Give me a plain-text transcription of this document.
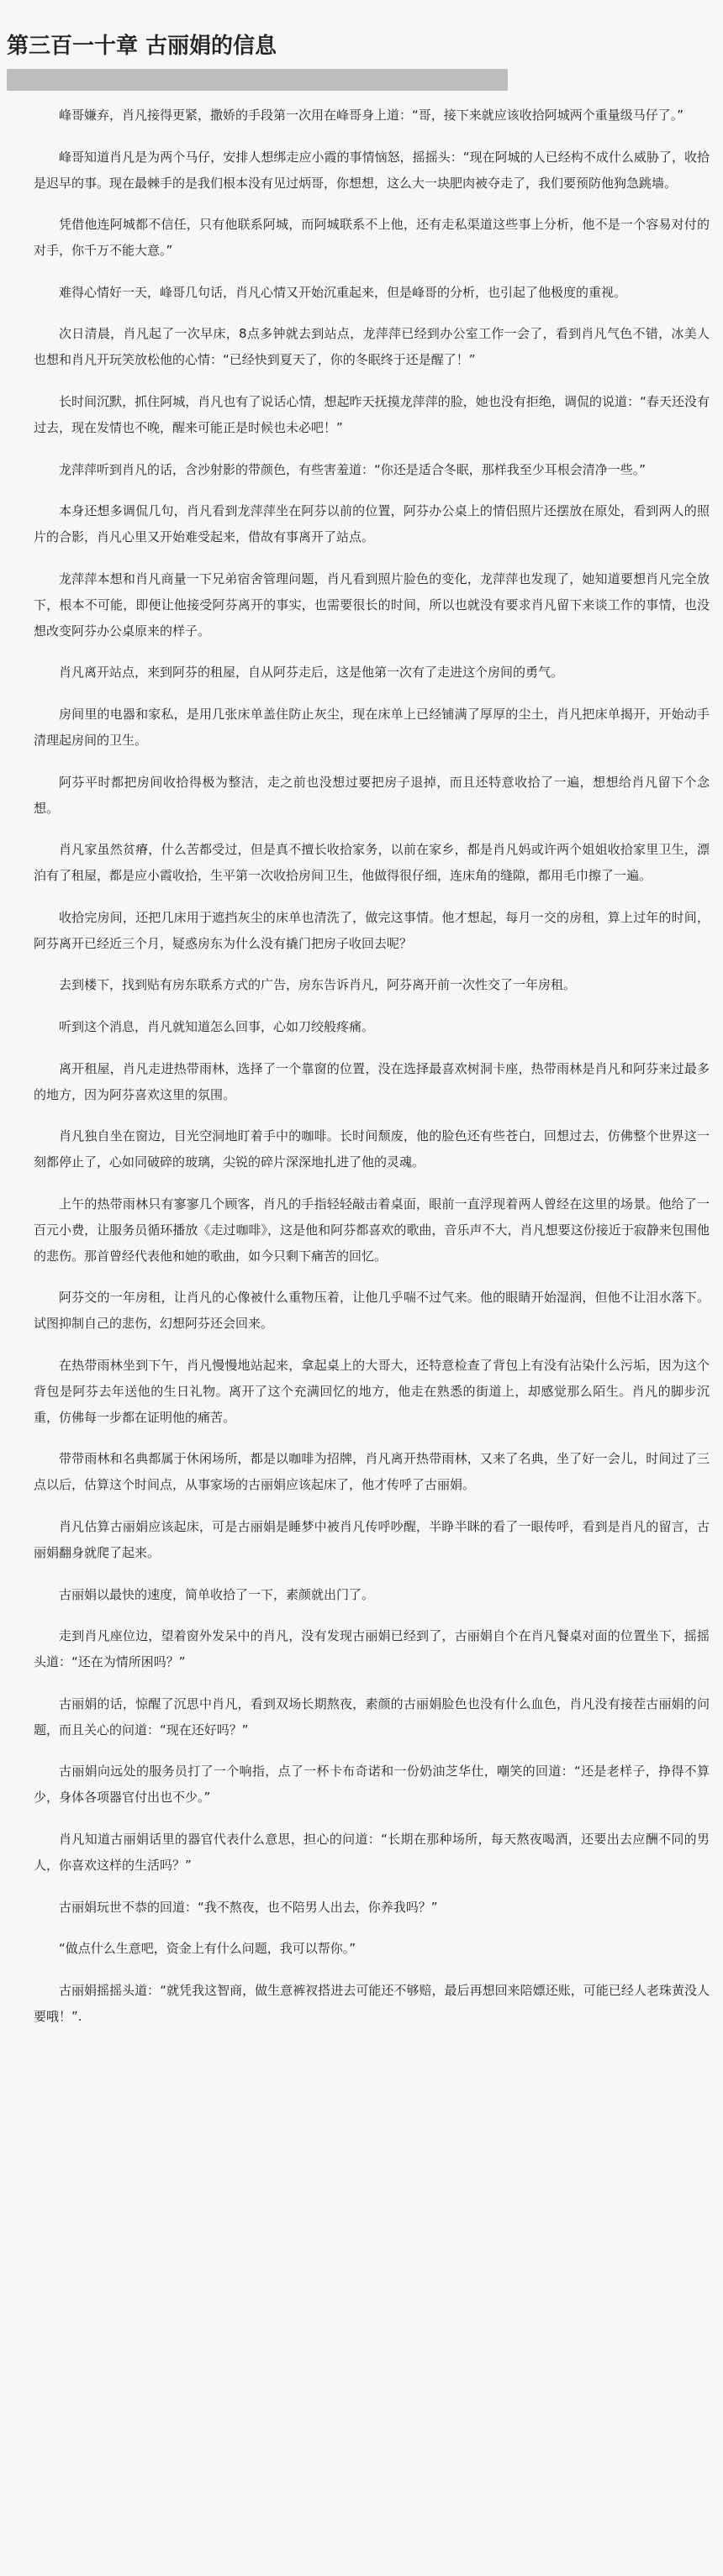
第三百一十章 古丽娟的信息

峰哥嫌弃，肖凡接得更紧，撒娇的手段第一次用在峰哥身上道：“哥，接下来就应该收拾阿城两个重量级马仔了。”

峰哥知道肖凡是为两个马仔，安排人想绑走应小霞的事情恼怒，摇摇头：“现在阿城的人已经构不成什么威胁了，收拾是迟早的事。现在最棘手的是我们根本没有见过炳哥，你想想，这么大一块肥肉被夺走了，我们要预防他狗急跳墙。

凭借他连阿城都不信任，只有他联系阿城，而阿城联系不上他，还有走私渠道这些事上分析，他不是一个容易对付的对手，你千万不能大意。”

难得心情好一天，峰哥几句话，肖凡心情又开始沉重起来，但是峰哥的分析，也引起了他极度的重视。

次日清晨，肖凡起了一次早床，8点多钟就去到站点，龙萍萍已经到办公室工作一会了，看到肖凡气色不错，冰美人也想和肖凡开玩笑放松他的心情：“已经快到夏天了，你的冬眠终于还是醒了！”

长时间沉默，抓住阿城，肖凡也有了说话心情，想起昨天抚摸龙萍萍的脸，她也没有拒绝，调侃的说道：“春天还没有过去，现在发情也不晚，醒来可能正是时候也未必吧！”

龙萍萍听到肖凡的话，含沙射影的带颜色，有些害羞道：“你还是适合冬眠，那样我至少耳根会清净一些。”

本身还想多调侃几句，肖凡看到龙萍萍坐在阿芬以前的位置，阿芬办公桌上的情侣照片还摆放在原处，看到两人的照片的合影，肖凡心里又开始难受起来，借故有事离开了站点。

龙萍萍本想和肖凡商量一下兄弟宿舍管理问题，肖凡看到照片脸色的变化，龙萍萍也发现了，她知道要想肖凡完全放下，根本不可能，即便让他接受阿芬离开的事实，也需要很长的时间，所以也就没有要求肖凡留下来谈工作的事情，也没想改变阿芬办公桌原来的样子。

肖凡离开站点，来到阿芬的租屋，自从阿芬走后，这是他第一次有了走进这个房间的勇气。

房间里的电器和家私，是用几张床单盖住防止灰尘，现在床单上已经铺满了厚厚的尘土，肖凡把床单揭开，开始动手清理起房间的卫生。

阿芬平时都把房间收拾得极为整洁，走之前也没想过要把房子退掉，而且还特意收拾了一遍，想想给肖凡留下个念想。

肖凡家虽然贫瘠，什么苦都受过，但是真不擅长收拾家务，以前在家乡，都是肖凡妈或许两个姐姐收拾家里卫生，漂泊有了租屋，都是应小霞收拾，生平第一次收拾房间卫生，他做得很仔细，连床角的缝隙，都用毛巾擦了一遍。

收拾完房间，还把几床用于遮挡灰尘的床单也清洗了，做完这事情。他才想起，每月一交的房租，算上过年的时间，阿芬离开已经近三个月，疑惑房东为什么没有撬门把房子收回去呢？

去到楼下，找到贴有房东联系方式的广告，房东告诉肖凡，阿芬离开前一次性交了一年房租。

听到这个消息，肖凡就知道怎么回事，心如刀绞般疼痛。

离开租屋，肖凡走进热带雨林，选择了一个靠窗的位置，没在选择最喜欢树洞卡座，热带雨林是肖凡和阿芬来过最多的地方，因为阿芬喜欢这里的氛围。

肖凡独自坐在窗边，目光空洞地盯着手中的咖啡。长时间颓废，他的脸色还有些苍白，回想过去，仿佛整个世界这一刻都停止了，心如同破碎的玻璃，尖锐的碎片深深地扎进了他的灵魂。

上午的热带雨林只有寥寥几个顾客，肖凡的手指轻轻敲击着桌面，眼前一直浮现着两人曾经在这里的场景。他给了一百元小费，让服务员循环播放《走过咖啡》，这是他和阿芬都喜欢的歌曲，音乐声不大，肖凡想要这份接近于寂静来包围他的悲伤。那首曾经代表他和她的歌曲，如今只剩下痛苦的回忆。

阿芬交的一年房租，让肖凡的心像被什么重物压着，让他几乎喘不过气来。他的眼睛开始湿润，但他不让泪水落下。试图抑制自己的悲伤，幻想阿芬还会回来。

在热带雨林坐到下午，肖凡慢慢地站起来，拿起桌上的大哥大，还特意检查了背包上有没有沾染什么污垢，因为这个背包是阿芬去年送他的生日礼物。离开了这个充满回忆的地方，他走在熟悉的街道上，却感觉那么陌生。肖凡的脚步沉重，仿佛每一步都在证明他的痛苦。

带带雨林和名典都属于休闲场所，都是以咖啡为招牌，肖凡离开热带雨林，又来了名典，坐了好一会儿，时间过了三点以后，估算这个时间点，从事家场的古丽娟应该起床了，他才传呼了古丽娟。

肖凡估算古丽娟应该起床，可是古丽娟是睡梦中被肖凡传呼吵醒，半睁半眯的看了一眼传呼，看到是肖凡的留言，古丽娟翻身就爬了起来。

古丽娟以最快的速度，简单收拾了一下，素颜就出门了。

走到肖凡座位边，望着窗外发呆中的肖凡，没有发现古丽娟已经到了，古丽娟自个在肖凡餐桌对面的位置坐下，摇摇头道：“还在为情所困吗？”

古丽娟的话，惊醒了沉思中肖凡，看到双场长期熬夜，素颜的古丽娟脸色也没有什么血色，肖凡没有接茬古丽娟的问题，而且关心的问道：“现在还好吗？”

古丽娟向远处的服务员打了一个响指，点了一杯卡布奇诺和一份奶油芝华仕，嘲笑的回道：“还是老样子，挣得不算少，身体各项器官付出也不少。”

肖凡知道古丽娟话里的器官代表什么意思，担心的问道：“长期在那种场所，每天熬夜喝酒，还要出去应酬不同的男人，你喜欢这样的生活吗？”

古丽娟玩世不恭的回道：“我不熬夜，也不陪男人出去，你养我吗？”

“做点什么生意吧，资金上有什么问题，我可以帮你。”

古丽娟摇摇头道：“就凭我这智商，做生意裤衩搭进去可能还不够赔，最后再想回来陪嫖还账，可能已经人老珠黄没人要哦！”.
